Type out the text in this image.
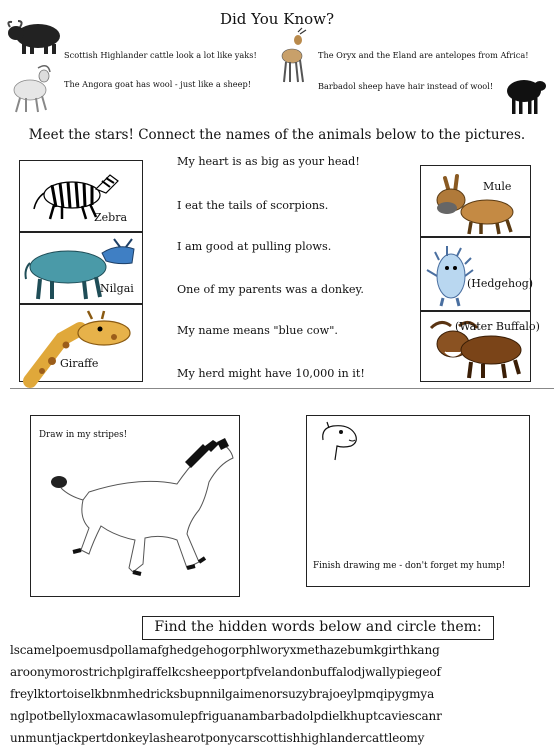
Did You Know?
Scottish Highlander cattle look a lot like yaks!	The Oryx and the Eland are antelopes from Africa!
The Angora goat has wool - just like a sheep!	Barbadol sheep have hair instead of wool!
Meet the stars! Connect the names of the animals below to the pictures.
Zebra
Nilgai
Giraffe
My heart is as big as your head!
I eat the tails of scorpions.
I am good at pulling plows.
One of my parents was a donkey.
My name means "blue cow".
My herd might have 10,000 in it!
Mule
(Hedgehog)
(Water Buffalo)
Draw in my stripes!
Finish drawing me - don't forget my hump!
Find the hidden words below and circle them:
lscamelpoemusdpollamafghedgehogorphlworyxmethazebumkgirthkang
aroonymorostrichplgiraffelkcsheepportpfvelandonbuffalodjwallypiegeof
freylktortoiselkbnmhedricksbupnnilgaimenorsuzybrajoeylpmqipygmya
nglpotbellyloxmacawlasomulepfriguanambarbadolpdielkhuptcaviescanr
unmuntjackpertdonkeylashearotponycarscottishhighlandercattleomy
